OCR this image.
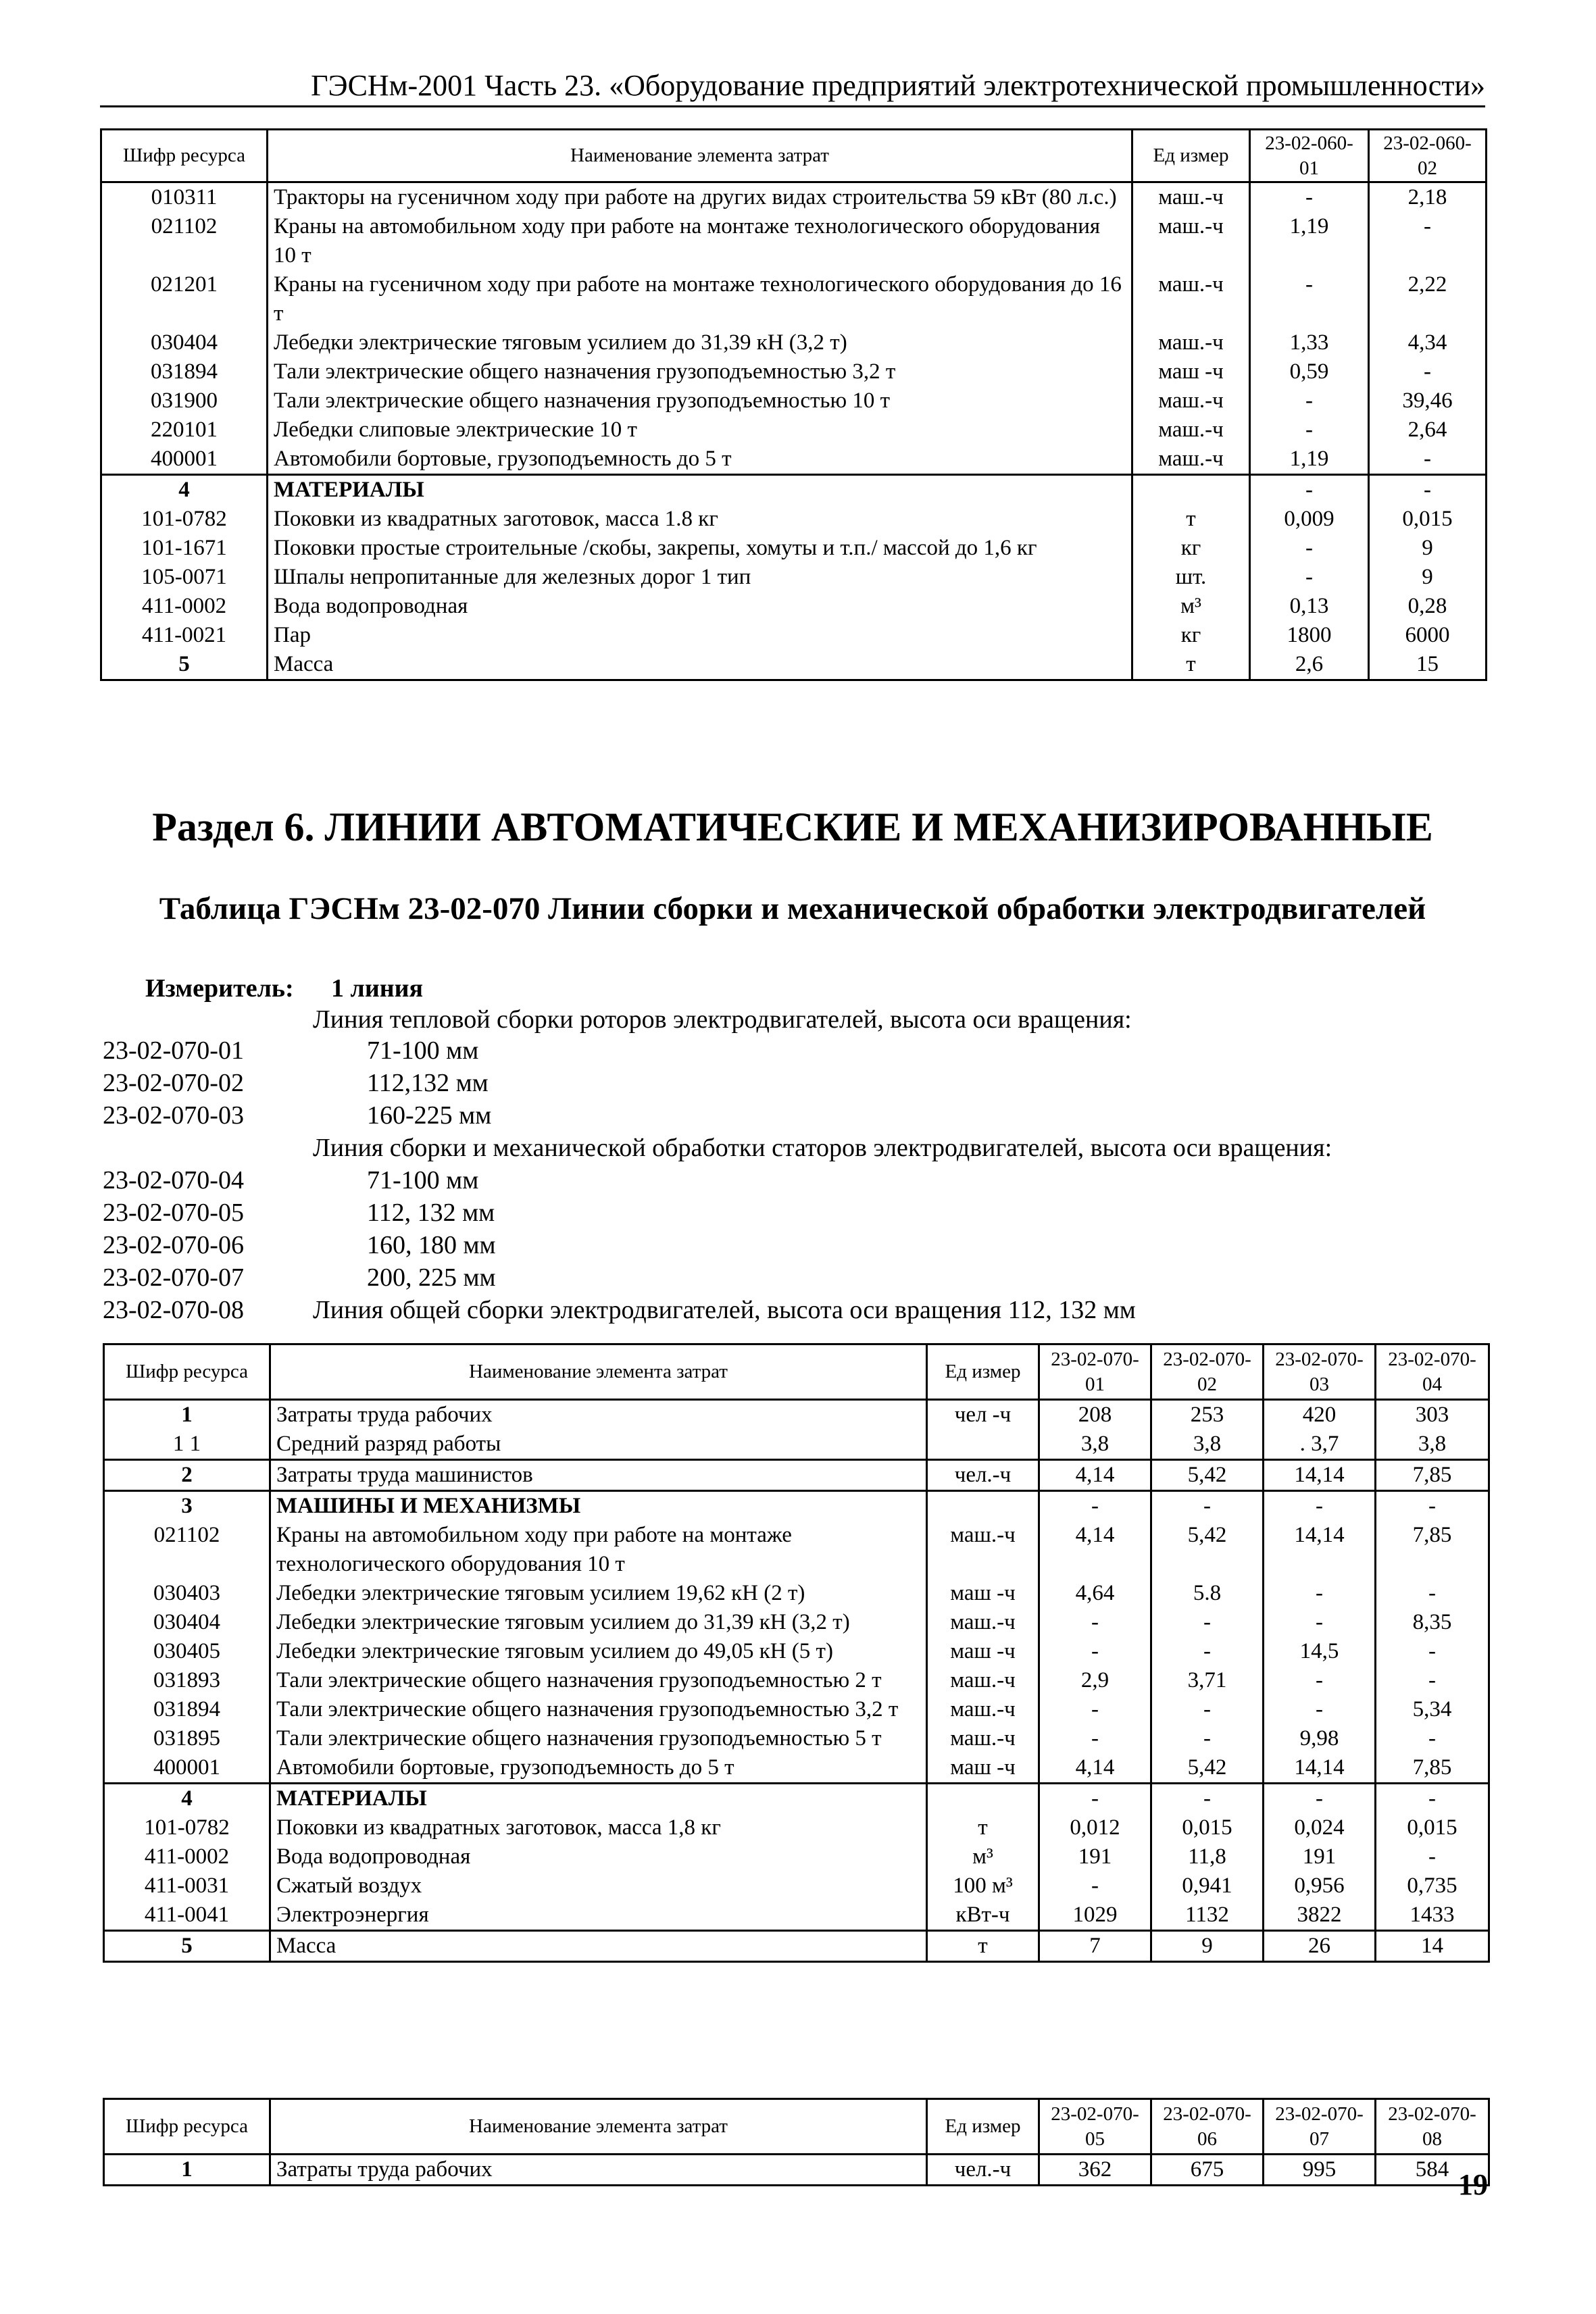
ГЭСНм-2001 Часть 23. «Оборудование предприятий электротехнической промышленности»
Шифр ресурса	Наименование элемента затрат	Ед измер	23-02-060-01	23-02-060-02
010311	Тракторы на гусеничном ходу при работе на других видах строительства 59 кВт (80 л.с.)	маш.-ч	-	2,18
021102	Краны на автомобильном ходу при работе на монтаже технологического оборудования 10 т	маш.-ч	1,19	-
021201	Краны на гусеничном ходу при работе на монтаже технологического оборудования до 16 т	маш.-ч	-	2,22
030404	Лебедки электрические тяговым усилием до 31,39 кН (3,2 т)	маш.-ч	1,33	4,34
031894	Тали электрические общего назначения грузоподъемностью 3,2 т	маш -ч	0,59	-
031900	Тали электрические общего назначения грузоподъемностью 10 т	маш.-ч	-	39,46
220101	Лебедки слиповые электрические 10 т	маш.-ч	-	2,64
400001	Автомобили бортовые, грузоподъемность до 5 т	маш.-ч	1,19	-
4	МАТЕРИАЛЫ		-	-
101-0782	Поковки из квадратных заготовок, масса 1.8 кг	т	0,009	0,015
101-1671	Поковки простые строительные /скобы, закрепы, хомуты и т.п./ массой до 1,6 кг	кг	-	9
105-0071	Шпалы непропитанные для железных дорог 1 тип	шт.	-	9
411-0002	Вода водопроводная	м³	0,13	0,28
411-0021	Пар	кг	1800	6000
5	Масса	т	2,6	15
Раздел 6. ЛИНИИ АВТОМАТИЧЕСКИЕ И МЕХАНИЗИРОВАННЫЕ
Таблица ГЭСНм 23-02-070 Линии сборки и механической обработки электродвигателей
Измеритель: 1 линия
Линия тепловой сборки роторов электродвигателей, высота оси вращения:
23-02-070-01	71-100 мм
23-02-070-02	112,132 мм
23-02-070-03	160-225 мм
Линия сборки и механической обработки статоров электродвигателей, высота оси вращения:
23-02-070-04	71-100 мм
23-02-070-05	112, 132 мм
23-02-070-06	160, 180 мм
23-02-070-07	200, 225 мм
23-02-070-08	Линия общей сборки электродвигателей, высота оси вращения 112, 132 мм
Шифр ресурса	Наименование элемента затрат	Ед измер	23-02-070-01	23-02-070-02	23-02-070-03	23-02-070-04
1	Затраты труда рабочих	чел -ч	208	253	420	303
1 1	Средний разряд работы		3,8	3,8	. 3,7	3,8
2	Затраты труда машинистов	чел.-ч	4,14	5,42	14,14	7,85
3	МАШИНЫ И МЕХАНИЗМЫ		-	-	-	-
021102	Краны на автомобильном ходу при работе на монтаже технологического оборудования 10 т	маш.-ч	4,14	5,42	14,14	7,85
030403	Лебедки электрические тяговым усилием 19,62 кН (2 т)	маш -ч	4,64	5.8	-	-
030404	Лебедки электрические тяговым усилием до 31,39 кН (3,2 т)	маш.-ч	-	-	-	8,35
030405	Лебедки электрические тяговым усилием до 49,05 кН (5 т)	маш -ч	-	-	14,5	-
031893	Тали электрические общего назначения грузоподъемностью 2 т	маш.-ч	2,9	3,71	-	-
031894	Тали электрические общего назначения грузоподъемностью 3,2 т	маш.-ч	-	-	-	5,34
031895	Тали электрические общего назначения грузоподъемностью 5 т	маш.-ч	-	-	9,98	-
400001	Автомобили бортовые, грузоподъемность до 5 т	маш -ч	4,14	5,42	14,14	7,85
4	МАТЕРИАЛЫ		-	-	-	-
101-0782	Поковки из квадратных заготовок, масса 1,8 кг	т	0,012	0,015	0,024	0,015
411-0002	Вода водопроводная	м³	191	11,8	191	-
411-0031	Сжатый воздух	100 м³	-	0,941	0,956	0,735
411-0041	Электроэнергия	кВт-ч	1029	1132	3822	1433
5	Масса	т	7	9	26	14
Шифр ресурса	Наименование элемента затрат	Ед измер	23-02-070-05	23-02-070-06	23-02-070-07	23-02-070-08
1	Затраты труда рабочих	чел.-ч	362	675	995	584 19
